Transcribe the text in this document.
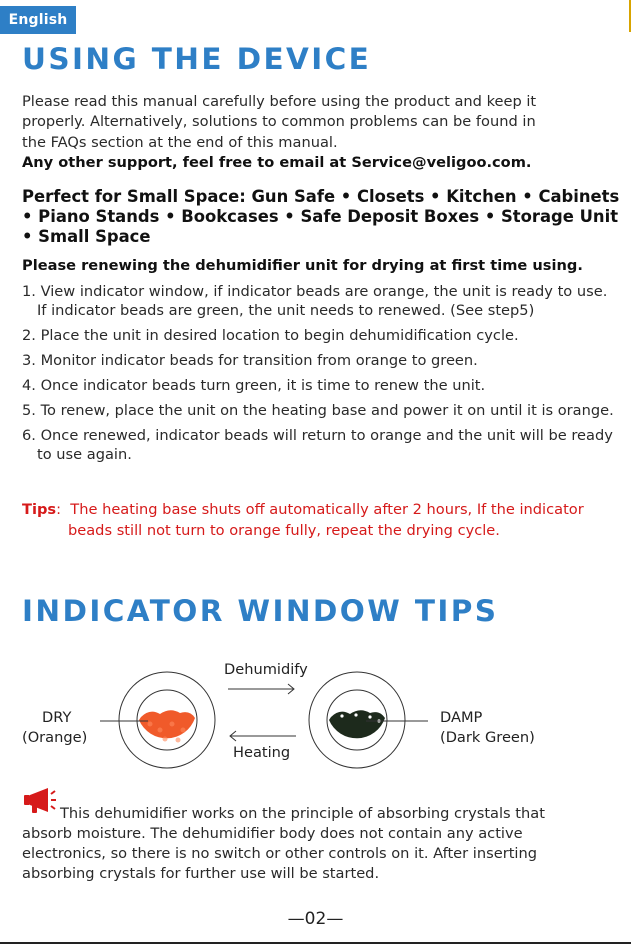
English
USING THE DEVICE
Please read this manual carefully before using the product and keep it
properly. Alternatively, solutions to common problems can be found in
the FAQs section at the end of this manual.
Any other support, feel free to email at Service@veligoo.com.
Perfect for Small Space: Gun Safe • Closets • Kitchen • Cabinets
• Piano Stands • Bookcases • Safe Deposit Boxes • Storage Unit
• Small Space
Please renewing the dehumidifier unit for drying at first time using.
1. View indicator window, if indicator beads are orange, the unit is ready to use. If indicator beads are green, the unit needs to renewed. (See step5)
2. Place the unit in desired location to begin dehumidification cycle.
3. Monitor indicator beads for transition from orange to green.
4. Once indicator beads turn green, it is time to renew the unit.
5. To renew, place the unit on the heating base and power it on until it is orange.
6. Once renewed, indicator beads will return to orange and the unit will be ready to use again.
Tips:  The heating base shuts off automatically after 2 hours, If the indicator
beads still not turn to orange fully, repeat the drying cycle.
INDICATOR WINDOW TIPS
Dehumidify
Heating
DRY
(Orange)
DAMP
(Dark Green)
This dehumidifier works on the principle of absorbing crystals that
absorb moisture. The dehumidifier body does not contain any active
electronics, so there is no switch or other controls on it. After inserting
absorbing crystals for further use will be started.
—02—
